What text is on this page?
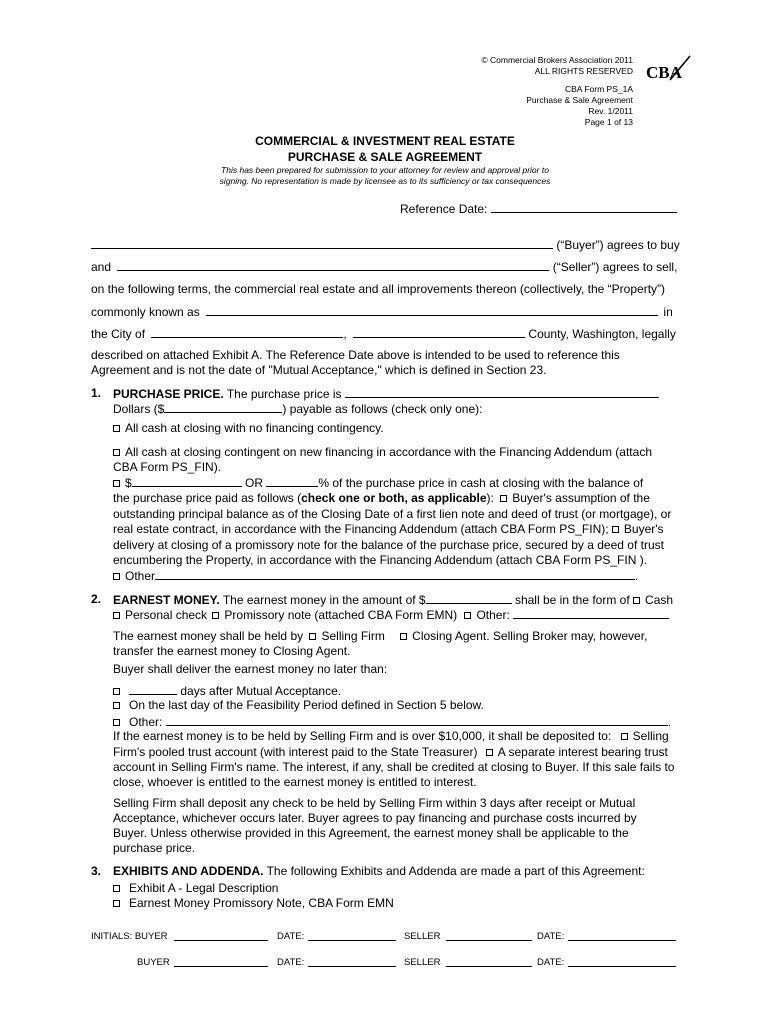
© Commercial Brokers Association 2011
ALL RIGHTS RESERVED
CBA Form PS_1A
Purchase & Sale Agreement
Rev. 1/2011
Page 1 of 13
CBA
COMMERCIAL & INVESTMENT REAL ESTATE
PURCHASE & SALE AGREEMENT
This has been prepared for submission to your attorney for review and approval prior to
signing. No representation is made by licensee as to its sufficiency or tax consequences
Reference Date:
(“Buyer”) agrees to buy
and	(“Seller”) agrees to sell,
on the following terms, the commercial real estate and all improvements thereon (collectively, the “Property”)
commonly known as	in
the City of	,	County, Washington, legally
described on attached Exhibit A. The Reference Date above is intended to be used to reference this
Agreement and is not the date of "Mutual Acceptance," which is defined in Section 23.
1. PURCHASE PRICE. The purchase price is
Dollars ($	) payable as follows (check only one):
All cash at closing with no financing contingency.
All cash at closing contingent on new financing in accordance with the Financing Addendum (attach
CBA Form PS_FIN).
$	OR	% of the purchase price in cash at closing with the balance of
the purchase price paid as follows (check one or both, as applicable): Buyer's assumption of the
outstanding principal balance as of the Closing Date of a first lien note and deed of trust (or mortgage), or
real estate contract, in accordance with the Financing Addendum (attach CBA Form PS_FIN); Buyer's
delivery at closing of a promissory note for the balance of the purchase price, secured by a deed of trust
encumbering the Property, in accordance with the Financing Addendum (attach CBA Form PS_FIN ).
Other	.
2. EARNEST MONEY. The earnest money in the amount of $	shall be in the form of Cash
Personal check Promissory note (attached CBA Form EMN) Other:
The earnest money shall be held by Selling Firm Closing Agent. Selling Broker may, however,
transfer the earnest money to Closing Agent.
Buyer shall deliver the earnest money no later than:
days after Mutual Acceptance.
On the last day of the Feasibility Period defined in Section 5 below.
Other:	.
If the earnest money is to be held by Selling Firm and is over $10,000, it shall be deposited to: Selling
Firm's pooled trust account (with interest paid to the State Treasurer) A separate interest bearing trust
account in Selling Firm's name. The interest, if any, shall be credited at closing to Buyer. If this sale fails to
close, whoever is entitled to the earnest money is entitled to interest.
Selling Firm shall deposit any check to be held by Selling Firm within 3 days after receipt or Mutual
Acceptance, whichever occurs later. Buyer agrees to pay financing and purchase costs incurred by
Buyer. Unless otherwise provided in this Agreement, the earnest money shall be applicable to the
purchase price.
3. EXHIBITS AND ADDENDA. The following Exhibits and Addenda are made a part of this Agreement:
Exhibit A - Legal Description
Earnest Money Promissory Note, CBA Form EMN
INITIALS: BUYER	DATE:	SELLER	DATE:
BUYER	DATE:	SELLER	DATE:
